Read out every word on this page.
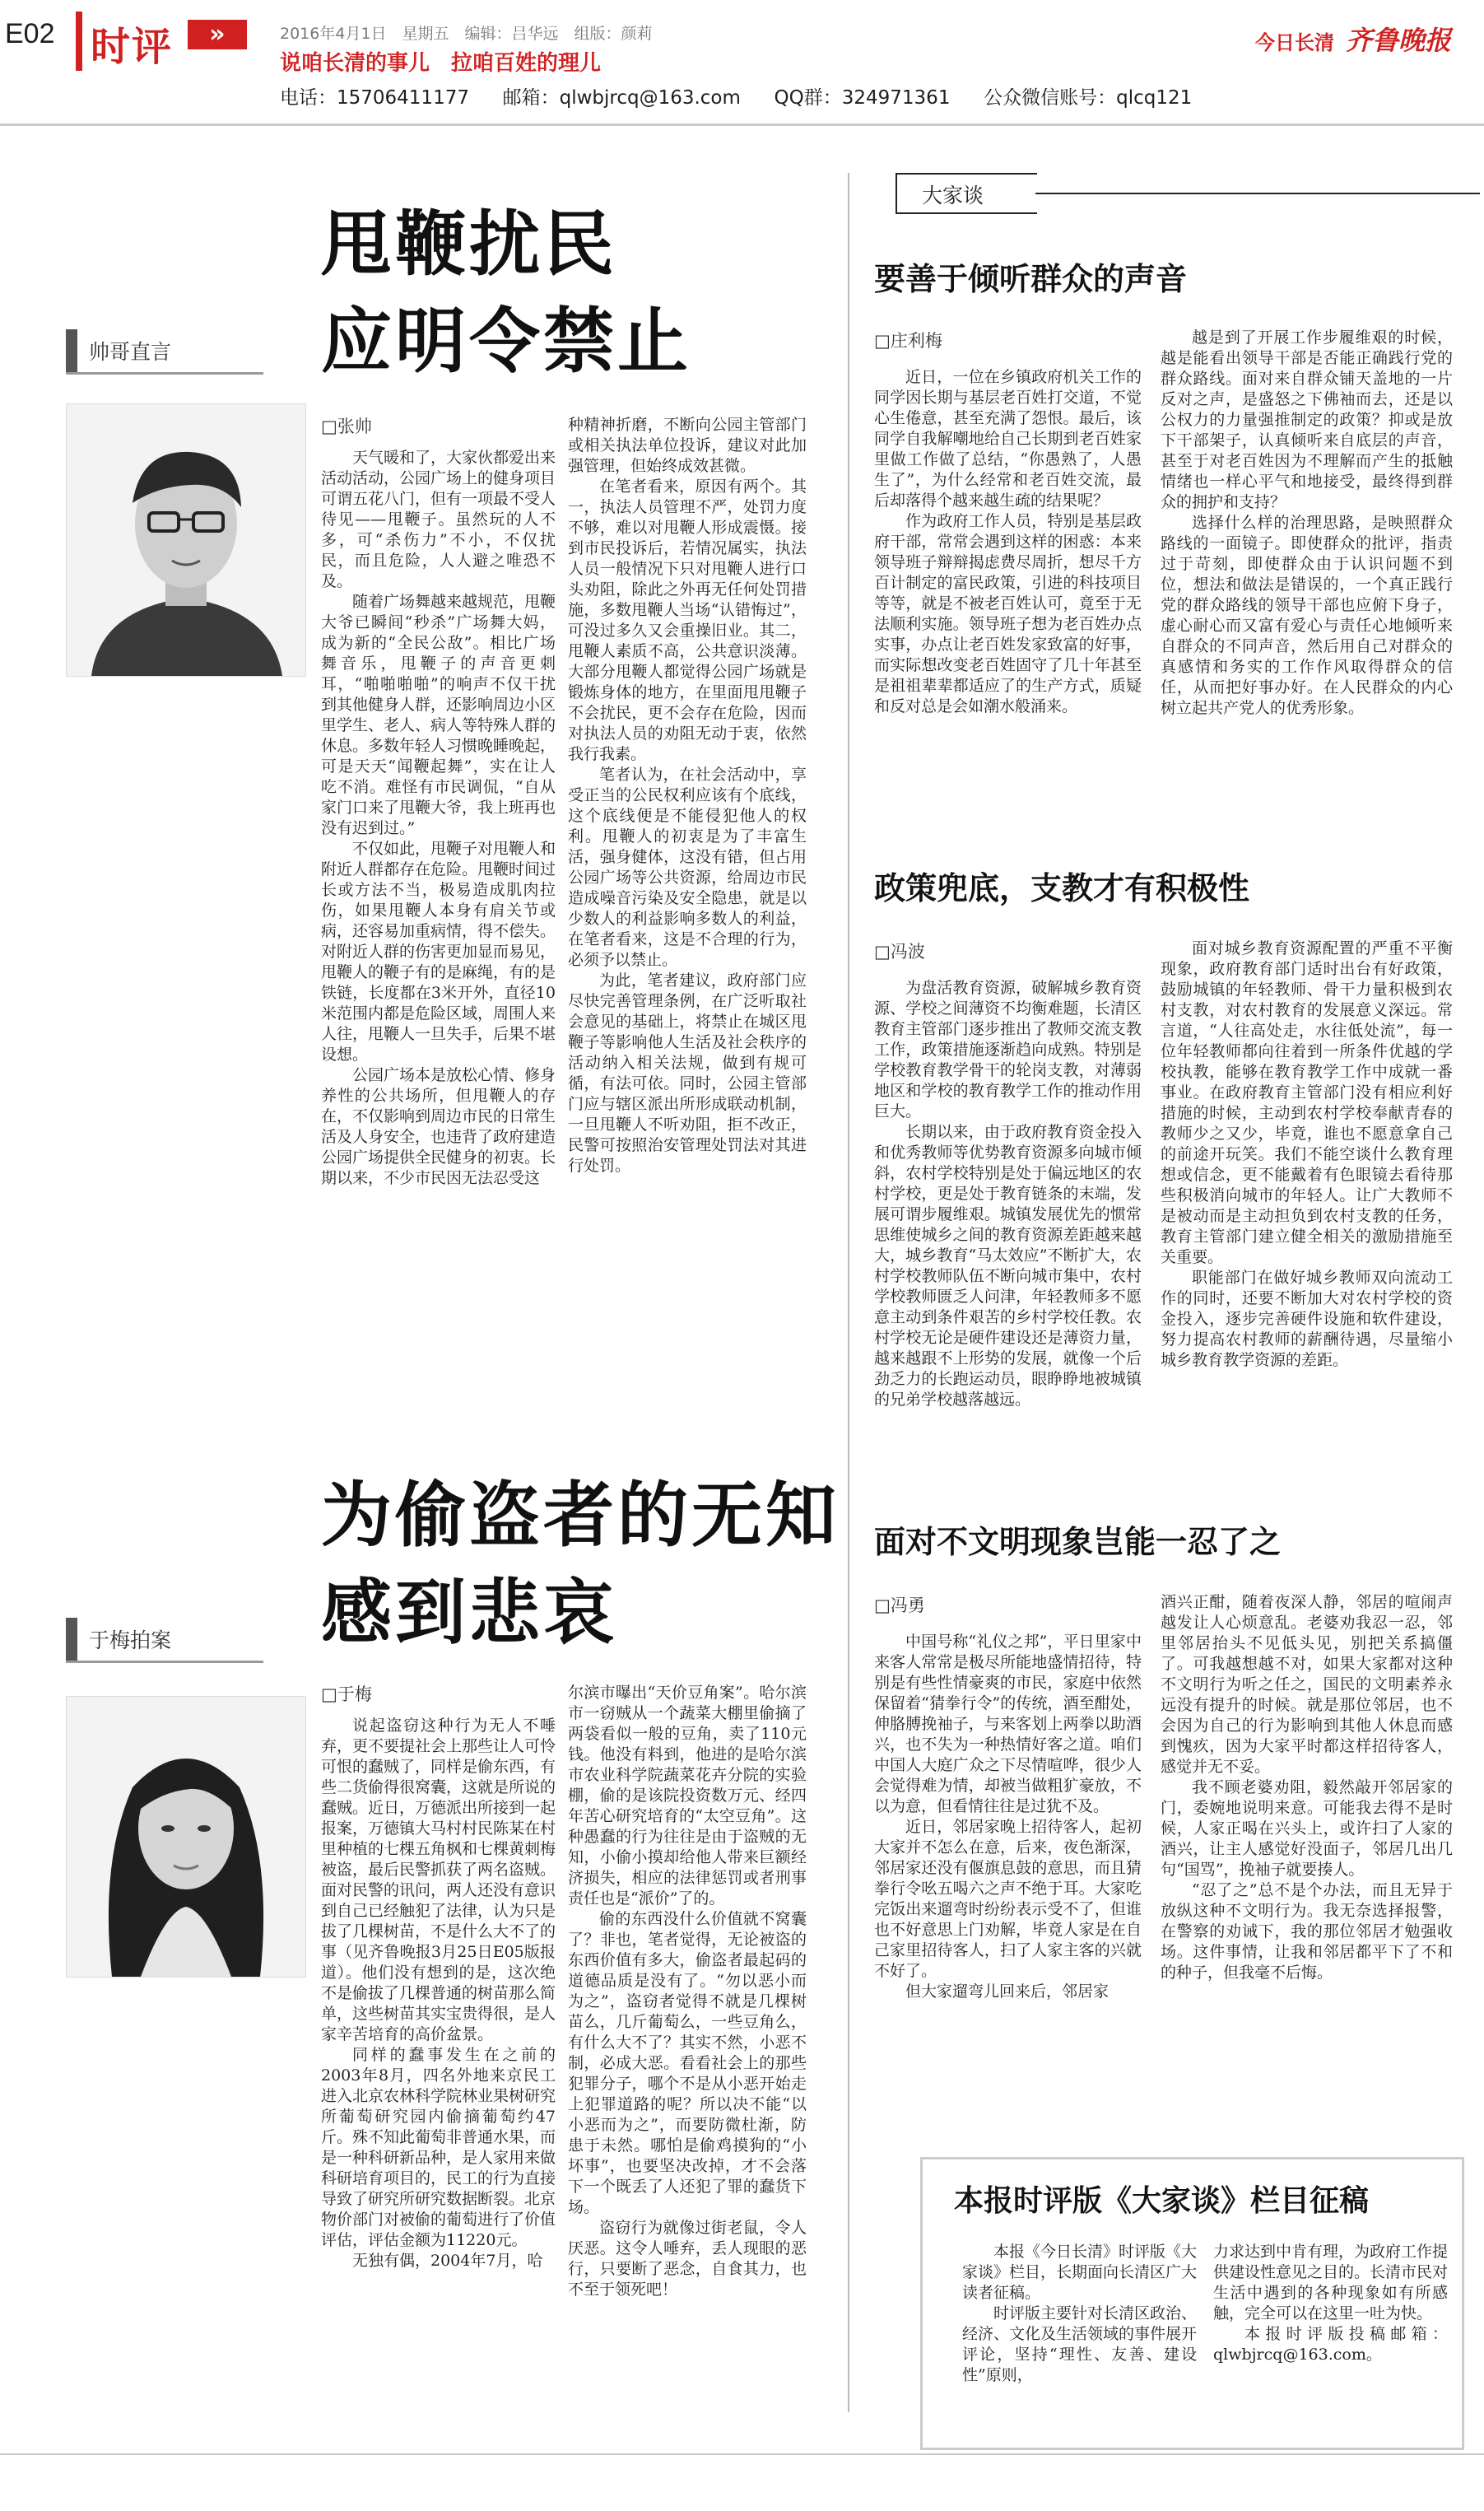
E02 时评	»	2016年4月1日　星期五　编辑：吕华远　组版：颜莉
说咱长清的事儿　拉咱百姓的理儿
电话：15706411177 邮箱：qlwbjrcq@163.com QQ群：324971361 公众微信账号：qlcq121
今日长清 齐鲁晚报
帅哥直言
甩鞭扰民
应明令禁止
□张帅

天气暖和了，大家伙都爱出来活动活动，公园广场上的健身项目可谓五花八门，但有一项最不受人待见——甩鞭子。虽然玩的人不多，可“杀伤力”不小，不仅扰民，而且危险，人人避之唯恐不及。

随着广场舞越来越规范，甩鞭大爷已瞬间“秒杀”广场舞大妈，成为新的“全民公敌”。相比广场舞音乐，甩鞭子的声音更刺耳，“啪啪啪啪”的响声不仅干扰到其他健身人群，还影响周边小区里学生、老人、病人等特殊人群的休息。多数年轻人习惯晚睡晚起，可是天天“闻鞭起舞”，实在让人吃不消。难怪有市民调侃，“自从家门口来了甩鞭大爷，我上班再也没有迟到过。”

不仅如此，甩鞭子对甩鞭人和附近人群都存在危险。甩鞭时间过长或方法不当，极易造成肌肉拉伤，如果甩鞭人本身有肩关节或病，还容易加重病情，得不偿失。对附近人群的伤害更加显而易见，甩鞭人的鞭子有的是麻绳，有的是铁链，长度都在3米开外，直径10米范围内都是危险区域，周围人来人往，甩鞭人一旦失手，后果不堪设想。

公园广场本是放松心情、修身养性的公共场所，但甩鞭人的存在，不仅影响到周边市民的日常生活及人身安全，也违背了政府建造公园广场提供全民健身的初衷。长期以来，不少市民因无法忍受这

种精神折磨，不断向公园主管部门或相关执法单位投诉，建议对此加强管理，但始终成效甚微。

在笔者看来，原因有两个。其一，执法人员管理不严，处罚力度不够，难以对甩鞭人形成震慑。接到市民投诉后，若情况属实，执法人员一般情况下只对甩鞭人进行口头劝阻，除此之外再无任何处罚措施，多数甩鞭人当场“认错悔过”，可没过多久又会重操旧业。其二，甩鞭人素质不高，公共意识淡薄。大部分甩鞭人都觉得公园广场就是锻炼身体的地方，在里面甩甩鞭子不会扰民，更不会存在危险，因而对执法人员的劝阻无动于衷，依然我行我素。

笔者认为，在社会活动中，享受正当的公民权利应该有个底线，这个底线便是不能侵犯他人的权利。甩鞭人的初衷是为了丰富生活，强身健体，这没有错，但占用公园广场等公共资源，给周边市民造成噪音污染及安全隐患，就是以少数人的利益影响多数人的利益，在笔者看来，这是不合理的行为，必须予以禁止。

为此，笔者建议，政府部门应尽快完善管理条例，在广泛听取社会意见的基础上，将禁止在城区甩鞭子等影响他人生活及社会秩序的活动纳入相关法规，做到有规可循，有法可依。同时，公园主管部门应与辖区派出所形成联动机制，一旦甩鞭人不听劝阻，拒不改正，民警可按照治安管理处罚法对其进行处罚。

于梅拍案
为偷盗者的无知
感到悲哀
□于梅

说起盗窃这种行为无人不唾弃，更不要提社会上那些让人可怜可恨的蠢贼了，同样是偷东西，有些二货偷得很窝囊，这就是所说的蠢贼。近日，万德派出所接到一起报案，万德镇大马村村民陈某在村里种植的七棵五角枫和七棵黄刺梅被盗，最后民警抓获了两名盗贼。面对民警的讯问，两人还没有意识到自己已经触犯了法律，认为只是拔了几棵树苗，不是什么大不了的事（见齐鲁晚报3月25日E05版报道）。他们没有想到的是，这次绝不是偷拔了几棵普通的树苗那么简单，这些树苗其实宝贵得很，是人家辛苦培育的高价盆景。

同样的蠢事发生在之前的2003年8月，四名外地来京民工进入北京农林科学院林业果树研究所葡萄研究园内偷摘葡萄约47斤。殊不知此葡萄非普通水果，而是一种科研新品种，是人家用来做科研培育项目的，民工的行为直接导致了研究所研究数据断裂。北京物价部门对被偷的葡萄进行了价值评估，评估金额为11220元。

无独有偶，2004年7月，哈

尔滨市曝出“天价豆角案”。哈尔滨市一窃贼从一个蔬菜大棚里偷摘了两袋看似一般的豆角，卖了110元钱。他没有料到，他进的是哈尔滨市农业科学院蔬菜花卉分院的实验棚，偷的是该院投资数万元、经四年苦心研究培育的“太空豆角”。这种愚蠢的行为往往是由于盗贼的无知，小偷小摸却给他人带来巨额经济损失，相应的法律惩罚或者刑事责任也是“派价”了的。

偷的东西没什么价值就不窝囊了？非也，笔者觉得，无论被盗的东西价值有多大，偷盗者最起码的道德品质是没有了。“勿以恶小而为之”，盗窃者觉得不就是几棵树苗么，几斤葡萄么，一些豆角么，有什么大不了？其实不然，小恶不制，必成大恶。看看社会上的那些犯罪分子，哪个不是从小恶开始走上犯罪道路的呢？所以决不能“以小恶而为之”，而要防微杜渐，防患于未然。哪怕是偷鸡摸狗的“小坏事”，也要坚决改掉，才不会落下一个既丢了人还犯了罪的蠢货下场。

盗窃行为就像过街老鼠，令人厌恶。这令人唾弃，丢人现眼的恶行，只要断了恶念，自食其力，也不至于领死吧！

大家谈
要善于倾听群众的声音
□庄利梅

近日，一位在乡镇政府机关工作的同学因长期与基层老百姓打交道，不觉心生倦意，甚至充满了怨恨。最后，该同学自我解嘲地给自己长期到老百姓家里做工作做了总结，“你愚熟了，人愚生了”，为什么经常和老百姓交流，最后却落得个越来越生疏的结果呢？

作为政府工作人员，特别是基层政府干部，常常会遇到这样的困惑：本来领导班子辩辩揭虑费尽周折，想尽千方百计制定的富民政策，引进的科技项目等等，就是不被老百姓认可，竟至于无法顺利实施。领导班子想为老百姓办点实事，办点让老百姓发家致富的好事，而实际想改变老百姓固守了几十年甚至是祖祖辈辈都适应了的生产方式，质疑和反对总是会如潮水般涌来。

越是到了开展工作步履维艰的时候，越是能看出领导干部是否能正确践行党的群众路线。面对来自群众铺天盖地的一片反对之声，是盛怒之下佛袖而去，还是以公权力的力量强推制定的政策？抑或是放下干部架子，认真倾听来自底层的声音，甚至于对老百姓因为不理解而产生的抵触情绪也一样心平气和地接受，最终得到群众的拥护和支持？

选择什么样的治理思路，是映照群众路线的一面镜子。即使群众的批评，指责过于苛刻，即使群众由于认识问题不到位，想法和做法是错误的，一个真正践行党的群众路线的领导干部也应俯下身子，虚心耐心而又富有爱心与责任心地倾听来自群众的不同声音，然后用自己对群众的真感情和务实的工作作风取得群众的信任，从而把好事办好。在人民群众的内心树立起共产党人的优秀形象。

政策兜底，支教才有积极性
□冯波

为盘活教育资源，破解城乡教育资源、学校之间薄资不均衡难题，长清区教育主管部门逐步推出了教师交流支教工作，政策措施逐渐趋向成熟。特别是学校教育教学骨干的轮岗支教，对薄弱地区和学校的教育教学工作的推动作用巨大。

长期以来，由于政府教育资金投入和优秀教师等优势教育资源多向城市倾斜，农村学校特别是处于偏远地区的农村学校，更是处于教育链条的末端，发展可谓步履维艰。城镇发展优先的惯常思维使城乡之间的教育资源差距越来越大，城乡教育“马太效应”不断扩大，农村学校教师队伍不断向城市集中，农村学校教师匮乏人问津，年轻教师多不愿意主动到条件艰苦的乡村学校任教。农村学校无论是硬件建设还是薄资力量，越来越跟不上形势的发展，就像一个后劲乏力的长跑运动员，眼睁睁地被城镇的兄弟学校越落越远。

面对城乡教育资源配置的严重不平衡现象，政府教育部门适时出台有好政策，鼓励城镇的年轻教师、骨干力量积极到农村支教，对农村教育的发展意义深远。常言道，“人往高处走，水往低处流”，每一位年轻教师都向往着到一所条件优越的学校执教，能够在教育教学工作中成就一番事业。在政府教育主管部门没有相应利好措施的时候，主动到农村学校奉献青春的教师少之又少，毕竟，谁也不愿意拿自己的前途开玩笑。我们不能空谈什么教育理想或信念，更不能戴着有色眼镜去看待那些积极消向城市的年轻人。让广大教师不是被动而是主动担负到农村支教的任务，教育主管部门建立健全相关的激励措施至关重要。

职能部门在做好城乡教师双向流动工作的同时，还要不断加大对农村学校的资金投入，逐步完善硬件设施和软件建设，努力提高农村教师的薪酬待遇，尽量缩小城乡教育教学资源的差距。

面对不文明现象岂能一忍了之
□冯勇

中国号称“礼仪之邦”，平日里家中来客人常常是极尽所能地盛情招待，特别是有些性情豪爽的市民，家庭中依然保留着“猜拳行令”的传统，酒至酣处，伸胳膊挽袖子，与来客划上两拳以助酒兴，也不失为一种热情好客之道。咱们中国人大庭广众之下尽情喧哗，很少人会觉得难为情，却被当做粗犷豪放，不以为意，但看情往往是过犹不及。

近日，邻居家晚上招待客人，起初大家并不怎么在意，后来，夜色渐深，邻居家还没有偃旗息鼓的意思，而且猜拳行令吆五喝六之声不绝于耳。大家吃完饭出来遛弯时纷纷表示受不了，但谁也不好意思上门劝解，毕竟人家是在自己家里招待客人，扫了人家主客的兴就不好了。

但大家遛弯儿回来后，邻居家

酒兴正酣，随着夜深人静，邻居的喧闹声越发让人心烦意乱。老婆劝我忍一忍，邻里邻居抬头不见低头见，别把关系搞僵了。可我越想越不对，如果大家都对这种不文明行为听之任之，国民的文明素养永远没有提升的时候。就是那位邻居，也不会因为自己的行为影响到其他人休息而感到愧疚，因为大家平时都这样招待客人，感觉并无不妥。

我不顾老婆劝阻，毅然敲开邻居家的门，委婉地说明来意。可能我去得不是时候，人家正喝在兴头上，或许扫了人家的酒兴，让主人感觉好没面子，邻居几出几句“国骂”，挽袖子就要揍人。

“忍了之”总不是个办法，而且无异于放纵这种不文明行为。我无奈选择报警，在警察的劝诫下，我的那位邻居才勉强收场。这件事情，让我和邻居都平下了不和的种子，但我毫不后悔。

本报时评版《大家谈》栏目征稿

本报《今日长清》时评版《大家谈》栏目，长期面向长清区广大读者征稿。

时评版主要针对长清区政治、经济、文化及生活领域的事件展开评论，坚持“理性、友善、建设性”原则，

力求达到中肯有理，为政府工作提供建设性意见之目的。长清市民对生活中遇到的各种现象如有所感触，完全可以在这里一吐为快。

本报时评版投稿邮箱：qlwbjrcq@163.com。
